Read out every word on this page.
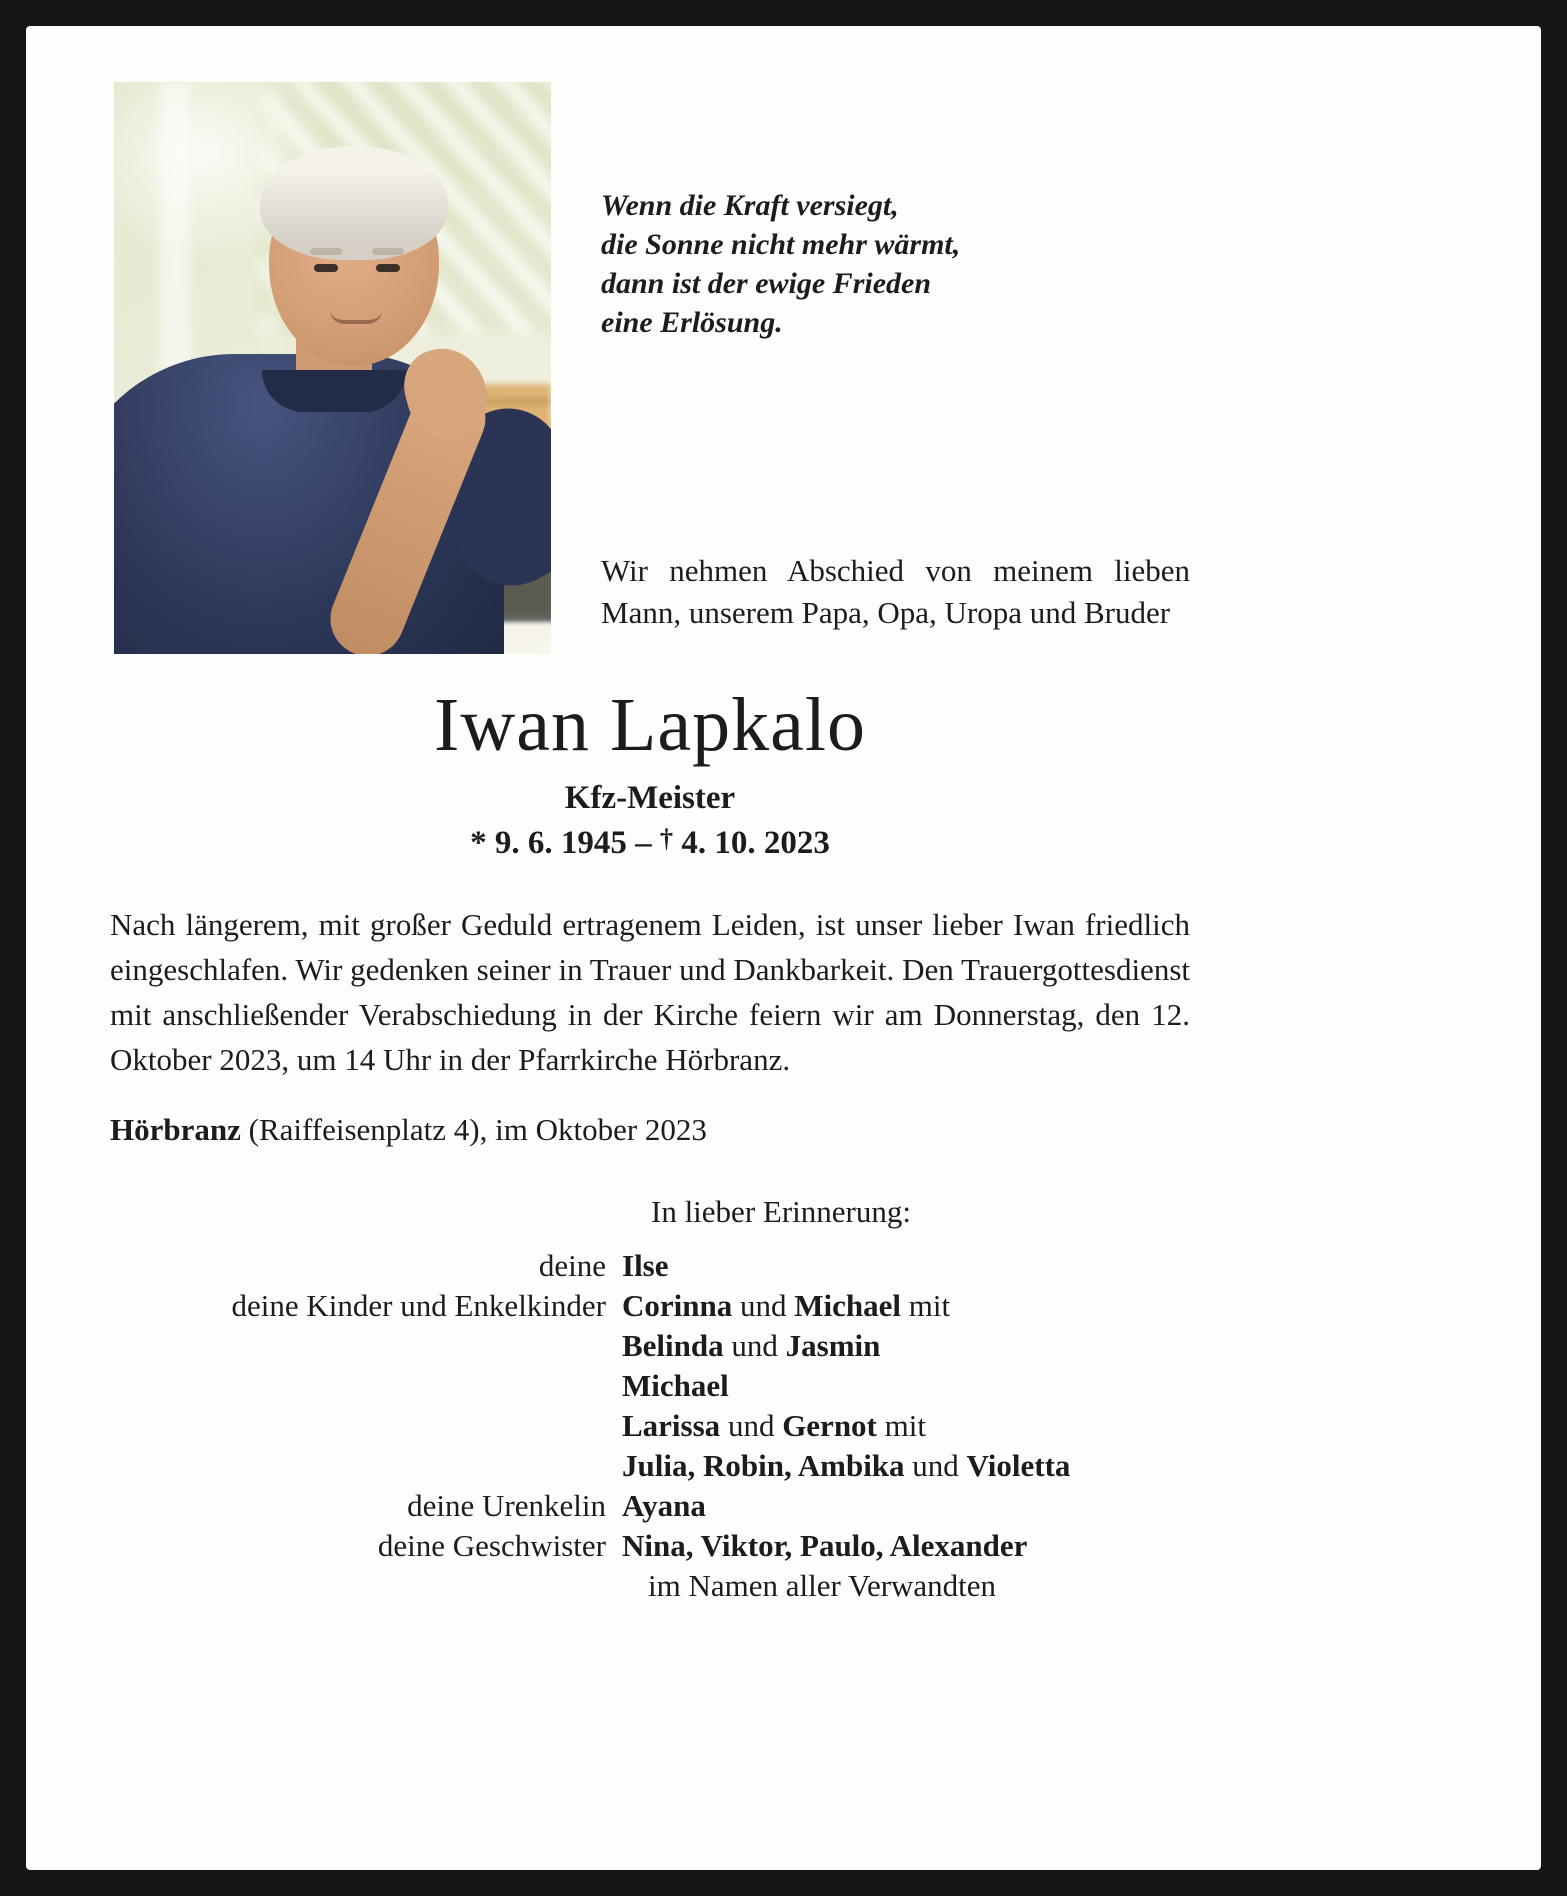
Wenn die Kraft versiegt,
die Sonne nicht mehr wärmt,
dann ist der ewige Frieden
eine Erlösung.
Wir nehmen Abschied von meinem lieben Mann, unserem Papa, Opa, Uropa und Bruder
Iwan Lapkalo
Kfz-Meister
* 9. 6. 1945 – † 4. 10. 2023

Nach längerem, mit großer Geduld ertragenem Leiden, ist unser lieber Iwan friedlich eingeschlafen. Wir gedenken seiner in Trauer und Dankbarkeit. Den Trauergottesdienst mit anschließender Verabschiedung in der Kirche feiern wir am Donnerstag, den 12. Oktober 2023, um 14 Uhr in der Pfarrkirche Hörbranz.

Hörbranz (Raiffeisenplatz 4), im Oktober 2023

In lieber Erinnerung:
deine Ilse
deine Kinder und Enkelkinder Corinna und Michael mit
Belinda und Jasmin
Michael
Larissa und Gernot mit
Julia, Robin, Ambika und Violetta
deine Urenkelin Ayana
deine Geschwister Nina, Viktor, Paulo, Alexander
im Namen aller Verwandten
